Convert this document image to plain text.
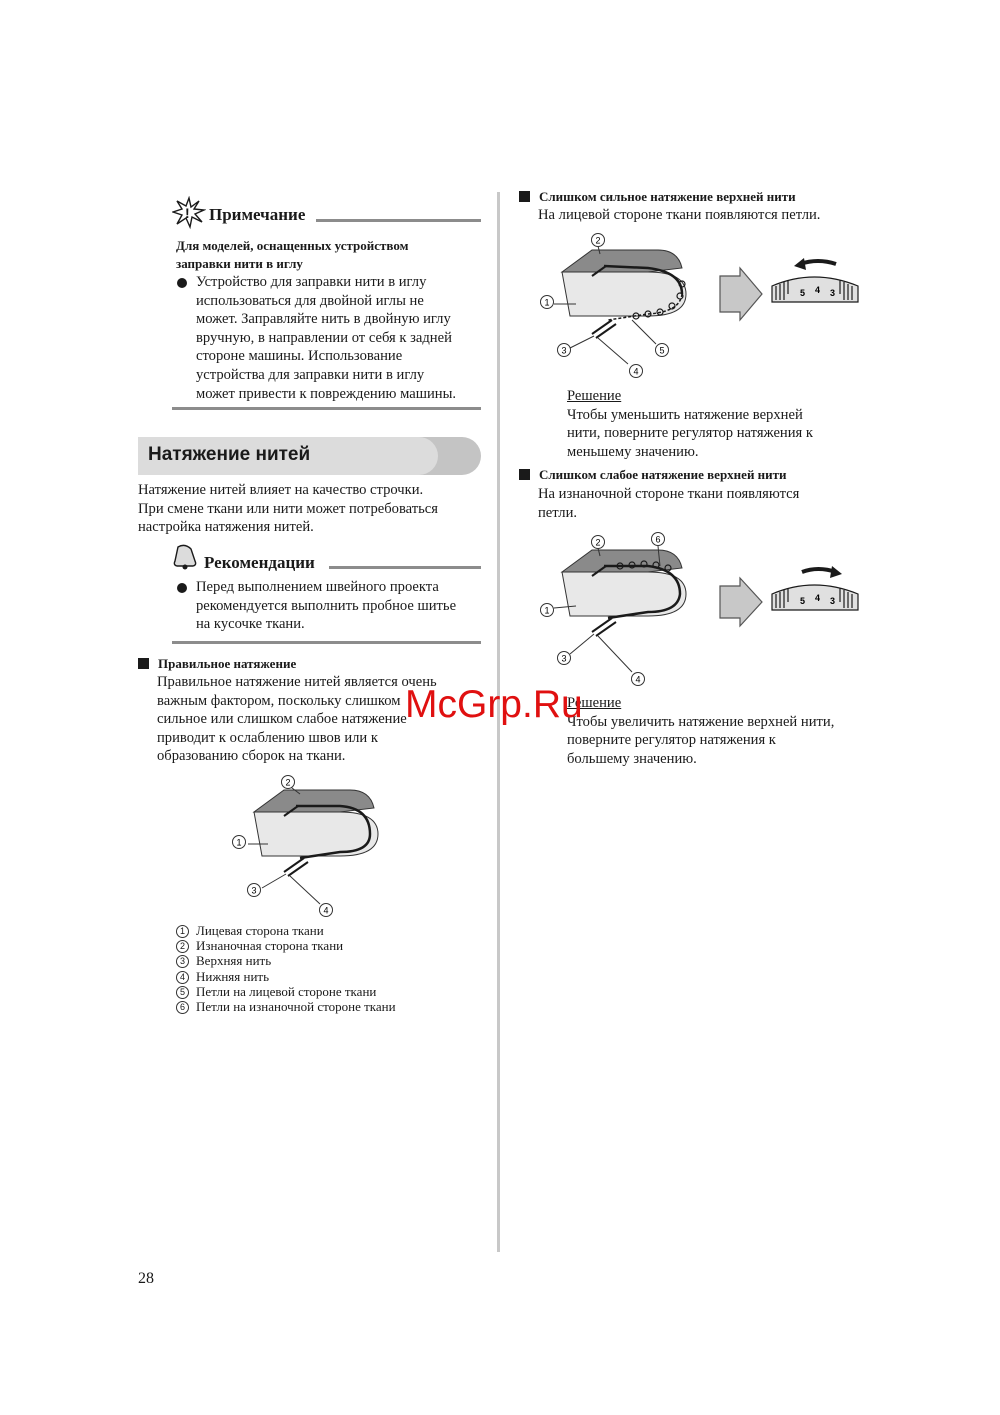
! Примечание
Для моделей, оснащенных устройством
заправки нити в иглу
Устройство для заправки нити в иглу
использоваться для двойной иглы не
может. Заправляйте нить в двойную иглу
вручную, в направлении от себя к задней
стороне машины. Использование
устройства для заправки нити в иглу
может привести к повреждению машины.
Натяжение нитей
Натяжение нитей влияет на качество строчки.
При смене ткани или нити может потребоваться
настройка натяжения нитей.
Рекомендации
Перед выполнением швейного проекта
рекомендуется выполнить пробное шитье
на кусочке ткани.
Правильное натяжение
Правильное натяжение нитей является очень
важным фактором, поскольку слишком
сильное или слишком слабое натяжение
приводит к ослаблению швов или к
образованию сборок на ткани.
2
1
3
4
1 Лицевая сторона ткани
2 Изнаночная сторона ткани
3 Верхняя нить
4 Нижняя нить
5 Петли на лицевой стороне ткани
6 Петли на изнаночной стороне ткани
Слишком сильное натяжение верхней нити
На лицевой стороне ткани появляются петли.
2
1
3
4
5
5 4 3
Решение
Чтобы уменьшить натяжение верхней
нити, поверните регулятор натяжения к
меньшему значению.
Слишком слабое натяжение верхней нити
На изнаночной стороне ткани появляются
петли.
2	6
1
3
4
5 4 3
Решение
Чтобы увеличить натяжение верхней нити,
поверните регулятор натяжения к
большему значению.
McGrp.Ru
28
